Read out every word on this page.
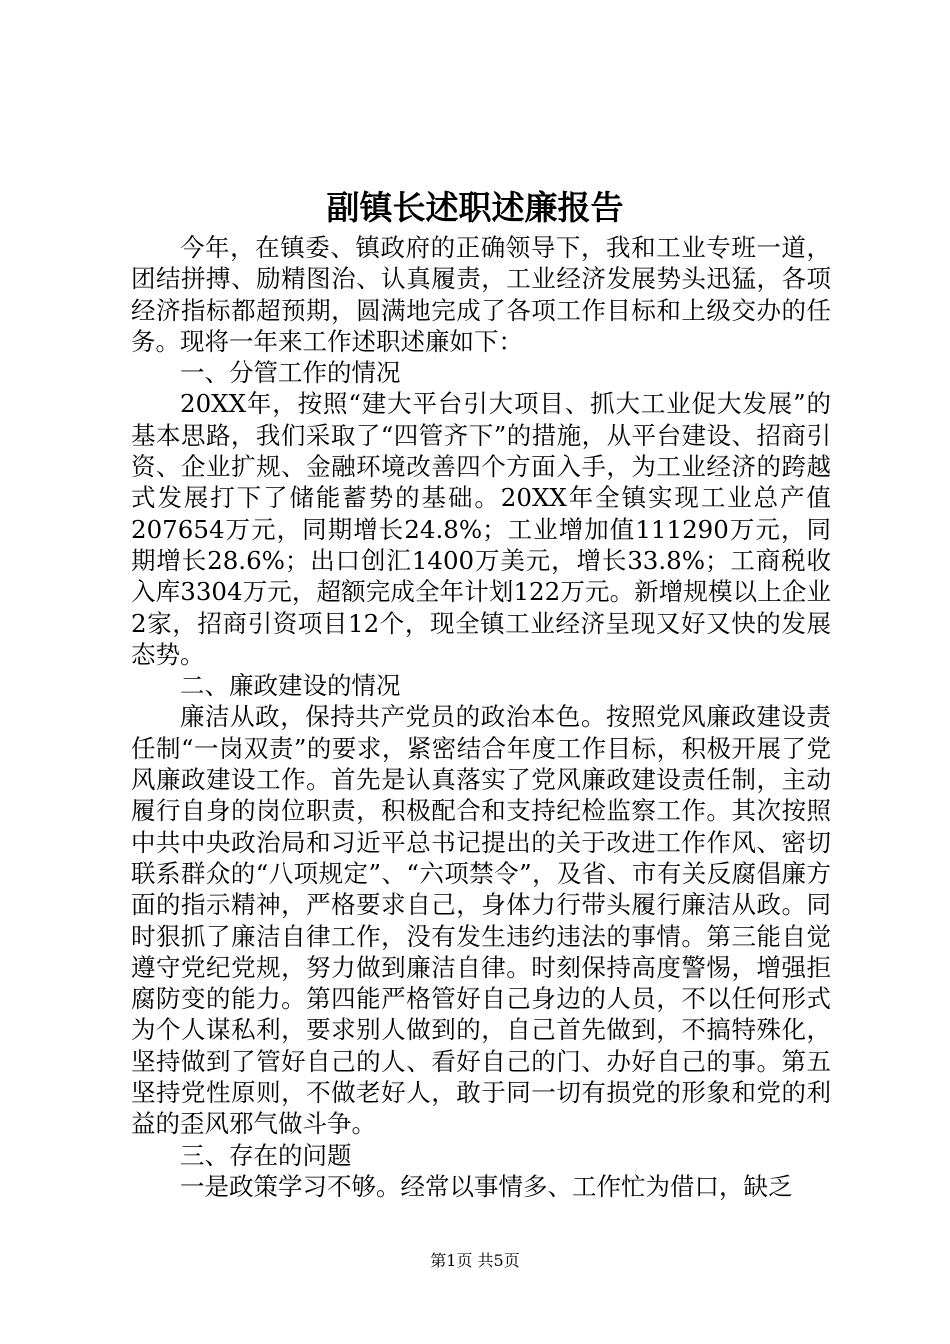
副镇长述职述廉报告

今年，在镇委、镇政府的正确领导下，我和工业专班一道，团结拼搏、励精图治、认真履责，工业经济发展势头迅猛，各项经济指标都超预期，圆满地完成了各项工作目标和上级交办的任务。现将一年来工作述职述廉如下：

一、分管工作的情况

20XX年，按照“建大平台引大项目、抓大工业促大发展”的基本思路，我们采取了“四管齐下”的措施，从平台建设、招商引资、企业扩规、金融环境改善四个方面入手，为工业经济的跨越式发展打下了储能蓄势的基础。20XX年全镇实现工业总产值207654万元，同期增长24.8%；工业增加值111290万元，同期增长28.6%；出口创汇1400万美元，增长33.8%；工商税收入库3304万元，超额完成全年计划122万元。新增规模以上企业2家，招商引资项目12个，现全镇工业经济呈现又好又快的发展态势。

二、廉政建设的情况

廉洁从政，保持共产党员的政治本色。按照党风廉政建设责任制“一岗双责”的要求，紧密结合年度工作目标，积极开展了党风廉政建设工作。首先是认真落实了党风廉政建设责任制，主动履行自身的岗位职责，积极配合和支持纪检监察工作。其次按照中共中央政治局和习近平总书记提出的关于改进工作作风、密切联系群众的“八项规定”、“六项禁令”，及省、市有关反腐倡廉方面的指示精神，严格要求自己，身体力行带头履行廉洁从政。同时狠抓了廉洁自律工作，没有发生违约违法的事情。第三能自觉遵守党纪党规，努力做到廉洁自律。时刻保持高度警惕，增强拒腐防变的能力。第四能严格管好自己身边的人员，不以任何形式为个人谋私利，要求别人做到的，自己首先做到，不搞特殊化，坚持做到了管好自己的人、看好自己的门、办好自己的事。第五坚持党性原则，不做老好人，敢于同一切有损党的形象和党的利益的歪风邪气做斗争。

三、存在的问题

一是政策学习不够。经常以事情多、工作忙为借口，缺乏

第1页 共5页
